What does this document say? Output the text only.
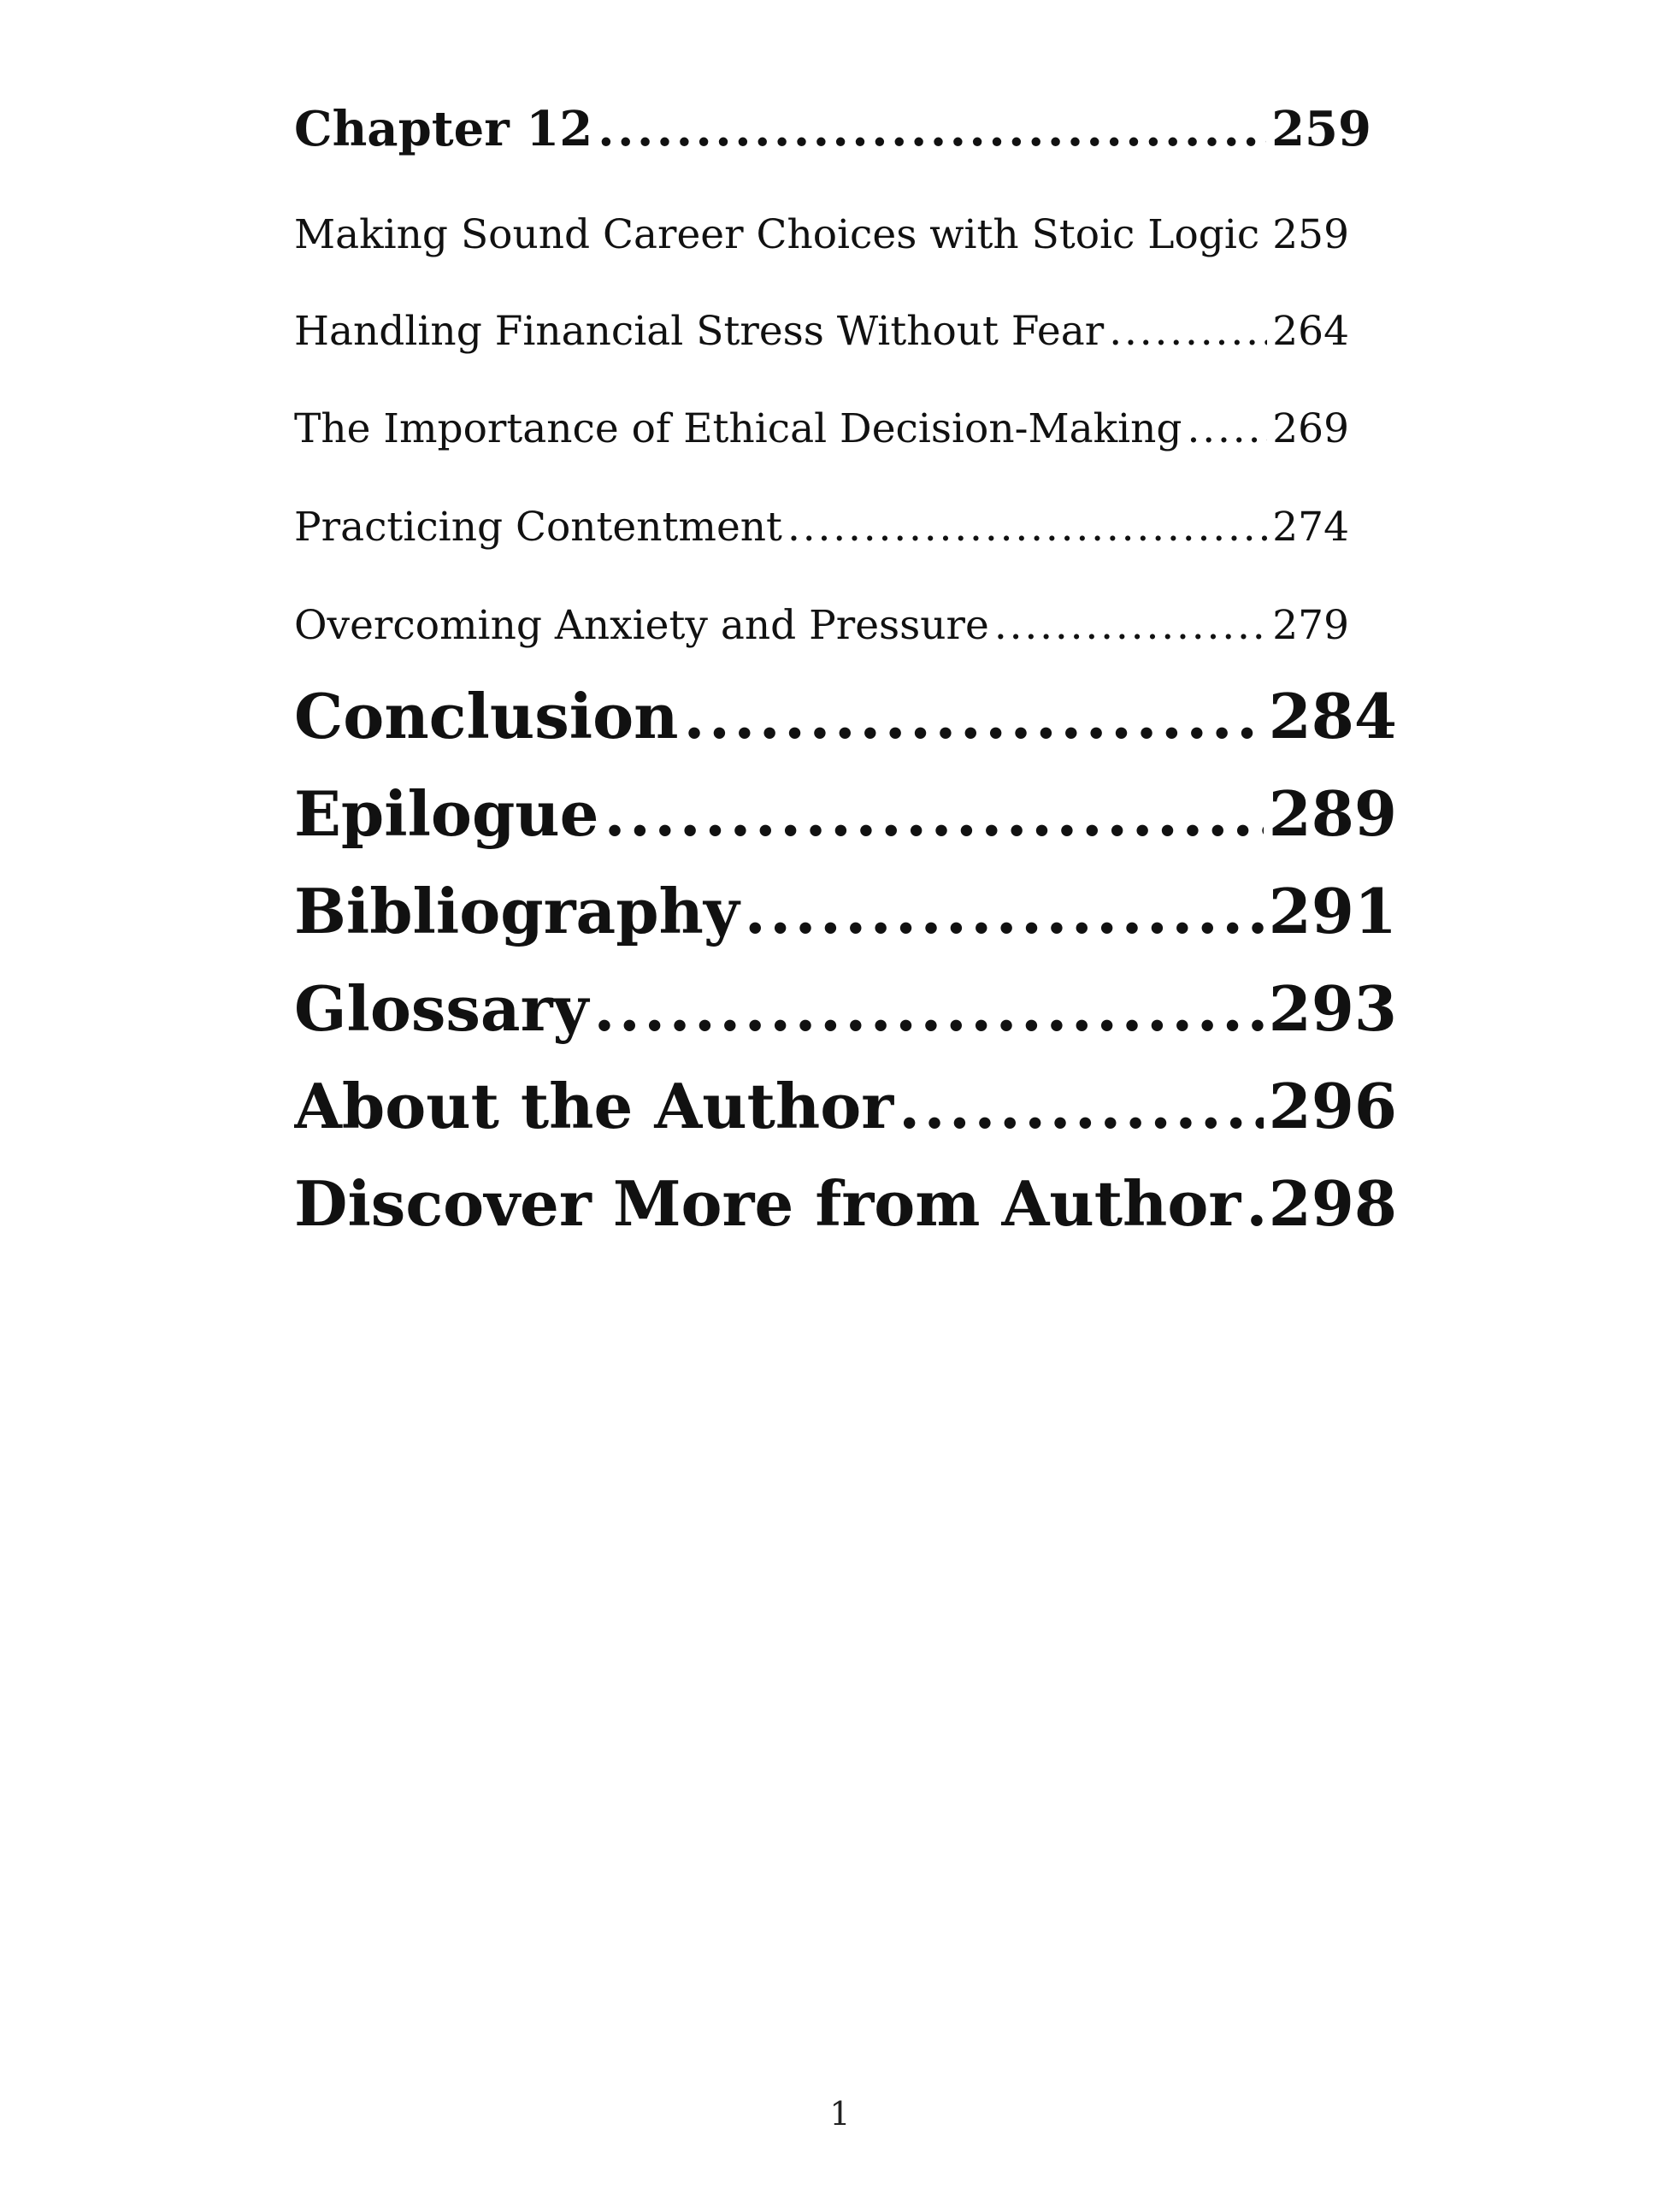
Chapter 12 .....	259
Making Sound Career Choices with Stoic Logic ..... 259
Handling Financial Stress Without Fear .....	264
The Importance of Ethical Decision-Making ..... 269
Practicing Contentment .....	274
Overcoming Anxiety and Pressure .....	279
Conclusion .....	284
Epilogue .....	289
Bibliography .....	291
Glossary .....	293
About the Author .....	296
Discover More from Author ..... 298
1
